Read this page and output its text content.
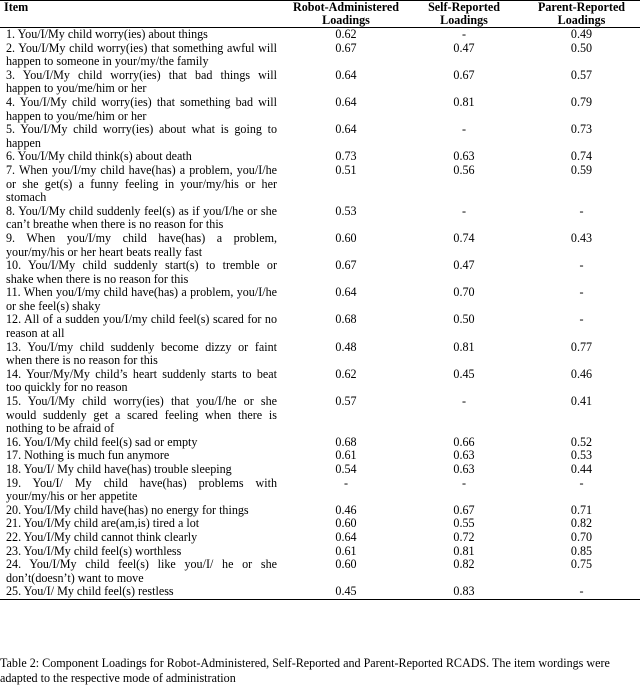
Item	Robot-Administered Loadings	Self-Reported Loadings	Parent-Reported Loadings
1. You/I/My child worry(ies) about things	0.62	-	0.49
2. You/I/My child worry(ies) that something awful will happen to someone in your/my/the family	0.67	0.47	0.50
3. You/I/My child worry(ies) that bad things will happen to you/me/him or her	0.64	0.67	0.57
4. You/I/My child worry(ies) that something bad will happen to you/me/him or her	0.64	0.81	0.79
5. You/I/My child worry(ies) about what is going to happen	0.64	-	0.73
6. You/I/My child think(s) about death	0.73	0.63	0.74
7. When you/I/my child have(has) a problem, you/I/he or she get(s) a funny feeling in your/my/his or her stomach	0.51	0.56	0.59
8. You/I/My child suddenly feel(s) as if you/I/he or she can’t breathe when there is no reason for this	0.53	-	-
9. When you/I/my child have(has) a problem, your/my/his or her heart beats really fast	0.60	0.74	0.43
10. You/I/My child suddenly start(s) to tremble or shake when there is no reason for this	0.67	0.47	-
11. When you/I/my child have(has) a problem, you/I/he or she feel(s) shaky	0.64	0.70	-
12. All of a sudden you/I/my child feel(s) scared for no reason at all	0.68	0.50	-
13. You/I/my child suddenly become dizzy or faint when there is no reason for this	0.48	0.81	0.77
14. Your/My/My child’s heart suddenly starts to beat too quickly for no reason	0.62	0.45	0.46
15. You/I/My child worry(ies) that you/I/he or she would suddenly get a scared feeling when there is nothing to be afraid of	0.57	-	0.41
16. You/I/My child feel(s) sad or empty	0.68	0.66	0.52
17. Nothing is much fun anymore	0.61	0.63	0.53
18. You/I/ My child have(has) trouble sleeping	0.54	0.63	0.44
19. You/I/ My child have(has) problems with your/my/his or her appetite	-	-	-
20. You/I/My child have(has) no energy for things	0.46	0.67	0.71
21. You/I/My child are(am,is) tired a lot	0.60	0.55	0.82
22. You/I/My child cannot think clearly	0.64	0.72	0.70
23. You/I/My child feel(s) worthless	0.61	0.81	0.85
24. You/I/My child feel(s) like you/I/ he or she don’t(doesn’t) want to move	0.60	0.82	0.75
25. You/I/ My child feel(s) restless	0.45	0.83	-
Table 2: Component Loadings for Robot-Administered, Self-Reported and Parent-Reported RCADS. The item wordings were adapted to the respective mode of administration
